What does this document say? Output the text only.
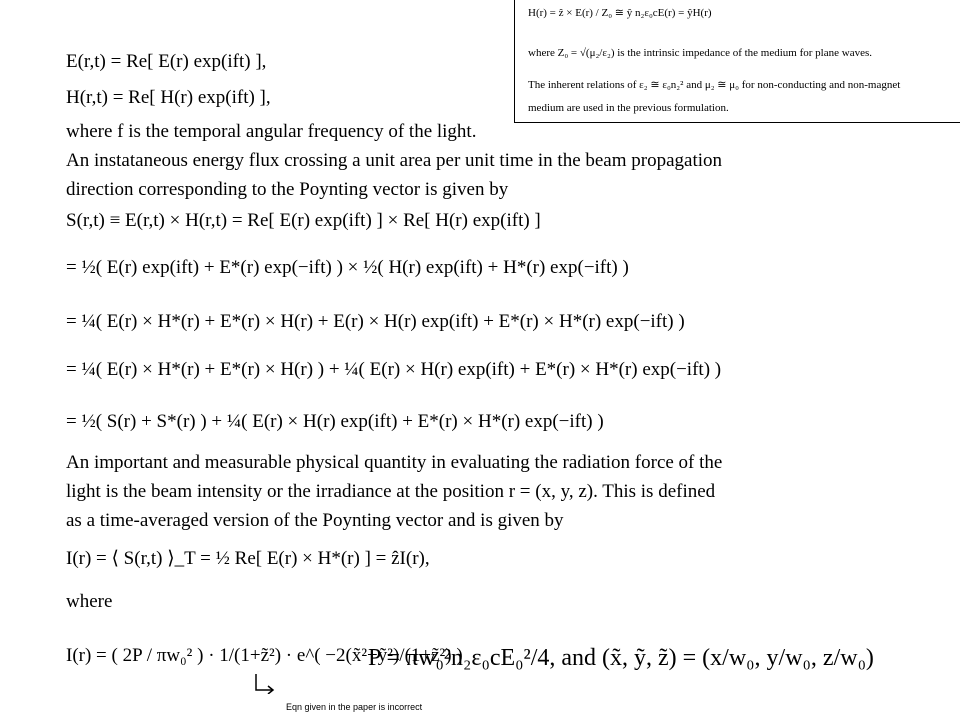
H(r) = ẑ × E(r) / Z₀ ≅ ŷ n₂ε₀cE(r) = ŷH(r)
where Z₀ = √(μ₂/ε₂) is the intrinsic impedance of the medium for plane waves.
The inherent relations of ε₂ ≅ ε₀n₂² and μ₂ ≅ μ₀ for non-conducting and non-magnet
medium are used in the previous formulation.
E(r,t) = Re[ E(r) exp(ift) ],
H(r,t) = Re[ H(r) exp(ift) ],
where f is the temporal angular frequency of the light.
An instataneous energy flux crossing a unit area per unit time in the beam propagation
direction corresponding to the Poynting vector is given by
S(r,t) ≡ E(r,t) × H(r,t) = Re[ E(r) exp(ift) ] × Re[ H(r) exp(ift) ]
= ½( E(r) exp(ift) + E*(r) exp(−ift) ) × ½( H(r) exp(ift) + H*(r) exp(−ift) )
= ¼( E(r) × H*(r) + E*(r) × H(r) + E(r) × H(r) exp(ift) + E*(r) × H*(r) exp(−ift) )
= ¼( E(r) × H*(r) + E*(r) × H(r) ) + ¼( E(r) × H(r) exp(ift) + E*(r) × H*(r) exp(−ift) )
= ½( S(r) + S*(r) ) + ¼( E(r) × H(r) exp(ift) + E*(r) × H*(r) exp(−ift) )
An important and measurable physical quantity in evaluating the radiation force of the
light is the beam intensity or the irradiance at the position r = (x, y, z). This is defined
as a time-averaged version of the Poynting vector and is given by
I(r) = ⟨ S(r,t) ⟩_T = ½ Re[ E(r) × H*(r) ] = ẑI(r),
where
I(r) = ( 2P / πw₀² ) · 1/(1+z̃²) · e^( −2(x̃²+ỹ²)/(1+z̃²) )
P = πw₀²n₂ε₀cE₀²/4, and (x̃, ỹ, z̃) = (x/w₀, y/w₀, z/w₀)
Eqn given in the paper is incorrect
